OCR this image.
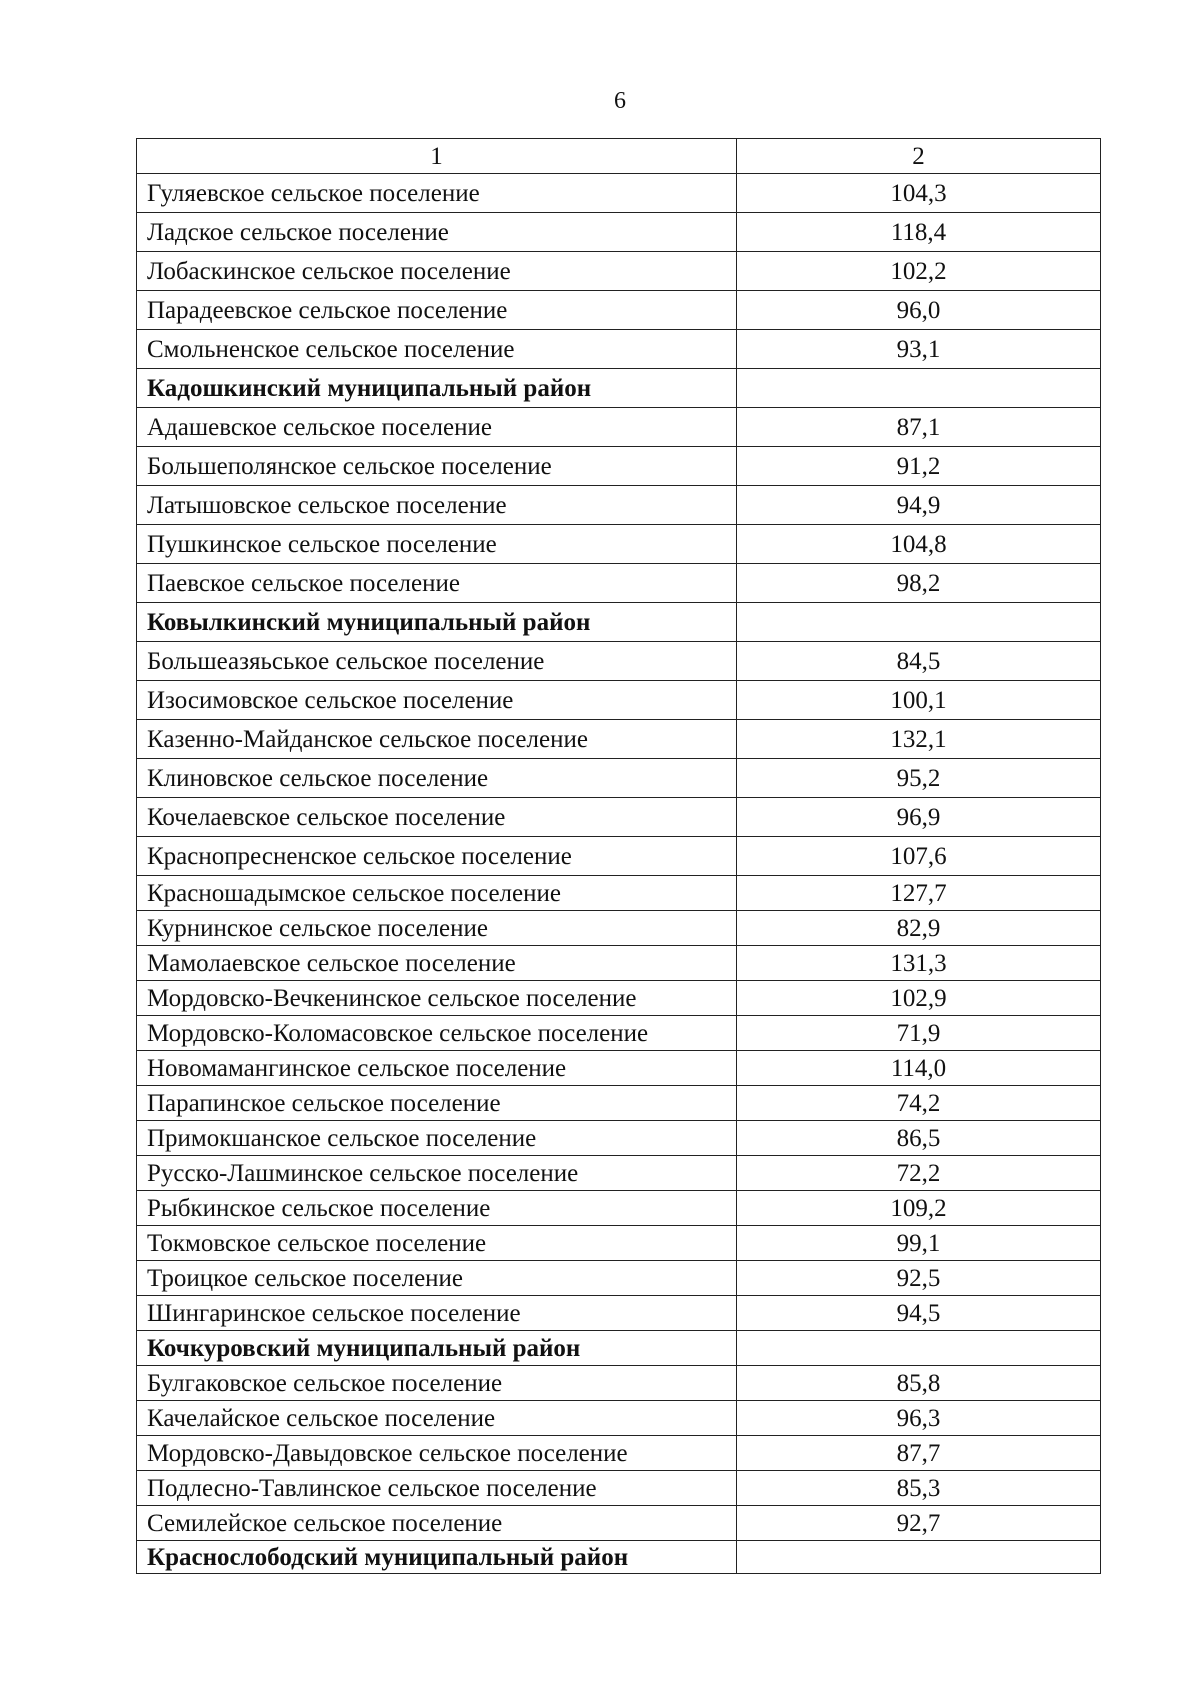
6
1	2
Гуляевское сельское поселение	104,3
Ладское сельское поселение	118,4
Лобаскинское сельское поселение	102,2
Парадеевское сельское поселение	96,0
Смольненское сельское поселение	93,1
Кадошкинский муниципальный район	
Адашевское сельское поселение	87,1
Большеполянское сельское поселение	91,2
Латышовское сельское поселение	94,9
Пушкинское сельское поселение	104,8
Паевское сельское поселение	98,2
Ковылкинский муниципальный район	
Большеазяьськое сельское поселение	84,5
Изосимовское сельское поселение	100,1
Казенно-Майданское сельское поселение	132,1
Клиновское сельское поселение	95,2
Кочелаевское сельское поселение	96,9
Краснопресненское сельское поселение	107,6
Красношадымское сельское поселение	127,7
Курнинское сельское поселение	82,9
Мамолаевское сельское поселение	131,3
Мордовско-Вечкенинское сельское поселение	102,9
Мордовско-Коломасовское сельское поселение	71,9
Новомамангинское сельское поселение	114,0
Парапинское сельское поселение	74,2
Примокшанское сельское поселение	86,5
Русско-Лашминское сельское поселение	72,2
Рыбкинское сельское поселение	109,2
Токмовское сельское поселение	99,1
Троицкое сельское поселение	92,5
Шингаринское сельское поселение	94,5
Кочкуровский муниципальный район	
Булгаковское сельское поселение	85,8
Качелайское сельское поселение	96,3
Мордовско-Давыдовское сельское поселение	87,7
Подлесно-Тавлинское сельское поселение	85,3
Семилейское сельское поселение	92,7
Краснослободский муниципальный район	
